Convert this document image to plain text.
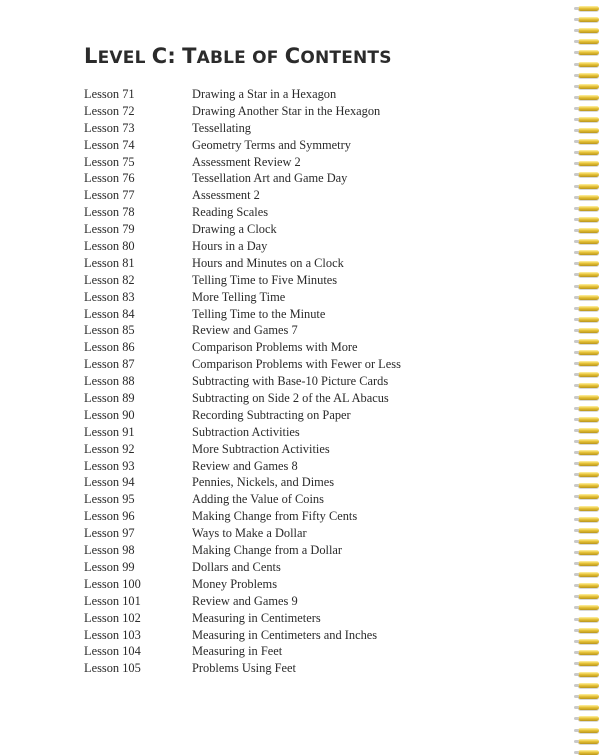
LEVEL C: TABLE OF CONTENTS
Lesson 71	Drawing a Star in a Hexagon
Lesson 72	Drawing Another Star in the Hexagon
Lesson 73	Tessellating
Lesson 74	Geometry Terms and Symmetry
Lesson 75	Assessment Review 2
Lesson 76	Tessellation Art and Game Day
Lesson 77	Assessment 2
Lesson 78	Reading Scales
Lesson 79	Drawing a Clock
Lesson 80	Hours in a Day
Lesson 81	Hours and Minutes on a Clock
Lesson 82	Telling Time to Five Minutes
Lesson 83	More Telling Time
Lesson 84	Telling Time to the Minute
Lesson 85	Review and Games 7
Lesson 86	Comparison Problems with More
Lesson 87	Comparison Problems with Fewer or Less
Lesson 88	Subtracting with Base-10 Picture Cards
Lesson 89	Subtracting on Side 2 of the AL Abacus
Lesson 90	Recording Subtracting on Paper
Lesson 91	Subtraction Activities
Lesson 92	More Subtraction Activities
Lesson 93	Review and Games 8
Lesson 94	Pennies, Nickels, and Dimes
Lesson 95	Adding the Value of Coins
Lesson 96	Making Change from Fifty Cents
Lesson 97	Ways to Make a Dollar
Lesson 98	Making Change from a Dollar
Lesson 99	Dollars and Cents
Lesson 100	Money Problems
Lesson 101	Review and Games 9
Lesson 102	Measuring in Centimeters
Lesson 103	Measuring in Centimeters and Inches
Lesson 104	Measuring in Feet
Lesson 105	Problems Using Feet
